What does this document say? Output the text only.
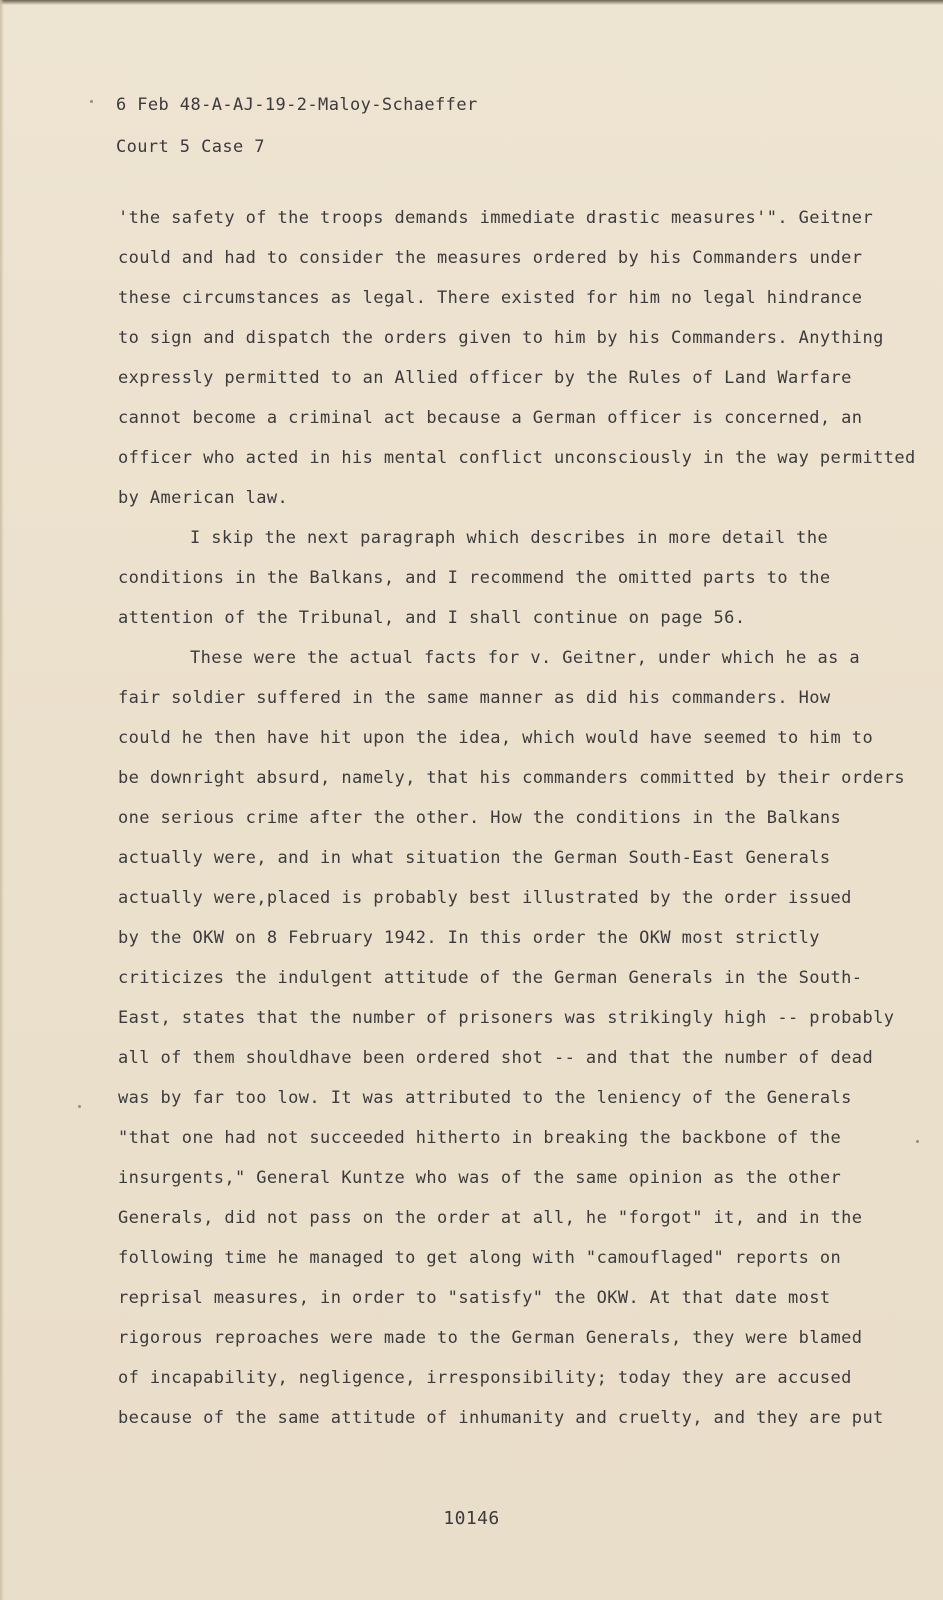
6 Feb 48-A-AJ-19-2-Maloy-Schaeffer
Court 5 Case 7
'the safety of the troops demands immediate drastic measures'". Geitner
could and had to consider the measures ordered by his Commanders under
these circumstances as legal. There existed for him no legal hindrance
to sign and dispatch the orders given to him by his Commanders. Anything
expressly permitted to an Allied officer by the Rules of Land Warfare
cannot become a criminal act because a German officer is concerned, an
officer who acted in his mental conflict unconsciously in the way permitted
by American law.
I skip the next paragraph which describes in more detail the
conditions in the Balkans, and I recommend the omitted parts to the
attention of the Tribunal, and I shall continue on page 56.
These were the actual facts for v. Geitner, under which he as a
fair soldier suffered in the same manner as did his commanders. How
could he then have hit upon the idea, which would have seemed to him to
be downright absurd, namely, that his commanders committed by their orders
one serious crime after the other. How the conditions in the Balkans
actually were, and in what situation the German South-East Generals
actually were,placed is probably best illustrated by the order issued
by the OKW on 8 February 1942. In this order the OKW most strictly
criticizes the indulgent attitude of the German Generals in the South-
East, states that the number of prisoners was strikingly high -- probably
all of them shouldhave been ordered shot -- and that the number of dead
was by far too low. It was attributed to the leniency of the Generals
"that one had not succeeded hitherto in breaking the backbone of the
insurgents," General Kuntze who was of the same opinion as the other
Generals, did not pass on the order at all, he "forgot" it, and in the
following time he managed to get along with "camouflaged" reports on
reprisal measures, in order to "satisfy" the OKW. At that date most
rigorous reproaches were made to the German Generals, they were blamed
of incapability, negligence, irresponsibility; today they are accused
because of the same attitude of inhumanity and cruelty, and they are put
10146
